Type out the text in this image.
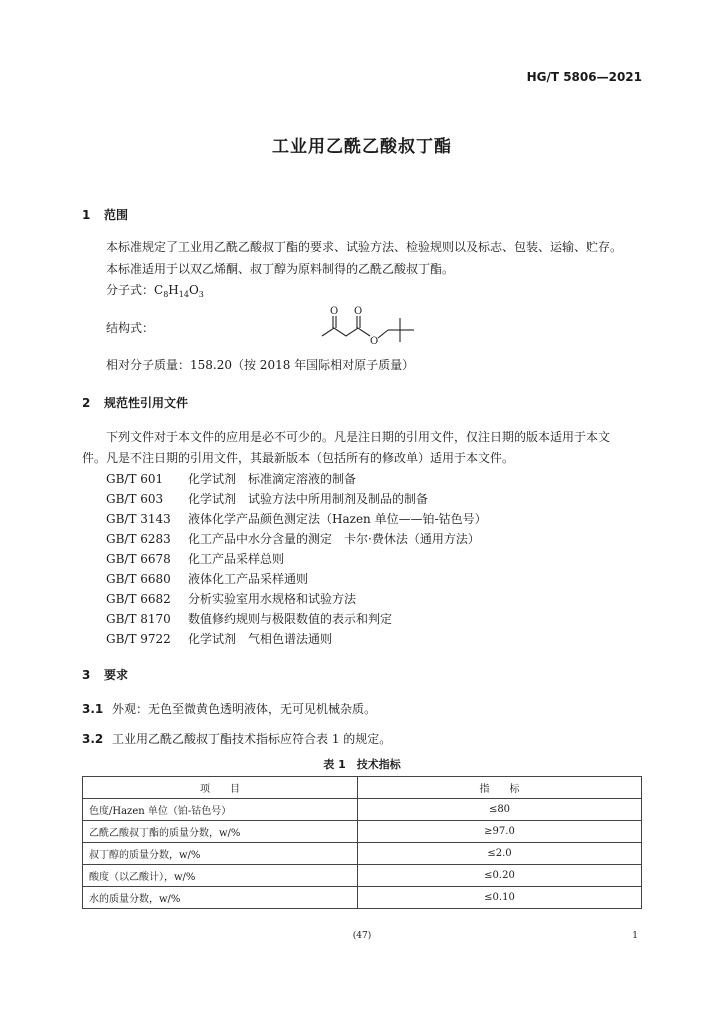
HG/T 5806—2021
工业用乙酰乙酸叔丁酯
1 范围
本标准规定了工业用乙酰乙酸叔丁酯的要求、试验方法、检验规则以及标志、包装、运输、贮存。
本标准适用于以双乙烯酮、叔丁醇为原料制得的乙酰乙酸叔丁酯。
分子式：$C_8H_{14}O_3$
结构式：
O O
O
相对分子质量：158.20（按 2018 年国际相对原子质量）
2 规范性引用文件
下列文件对于本文件的应用是必不可少的。凡是注日期的引用文件，仅注日期的版本适用于本文
件。凡是不注日期的引用文件，其最新版本（包括所有的修改单）适用于本文件。
GB/T 601 化学试剂　标准滴定溶液的制备
GB/T 603 化学试剂　试验方法中所用制剂及制品的制备
GB/T 3143 液体化学产品颜色测定法（Hazen 单位——铂-钴色号）
GB/T 6283 化工产品中水分含量的测定　卡尔·费休法（通用方法）
GB/T 6678 化工产品采样总则
GB/T 6680 液体化工产品采样通则
GB/T 6682 分析实验室用水规格和试验方法
GB/T 8170 数值修约规则与极限数值的表示和判定
GB/T 9722 化学试剂　气相色谱法通则
3 要求
3.1 外观：无色至微黄色透明液体，无可见机械杂质。
3.2 工业用乙酰乙酸叔丁酯技术指标应符合表 1 的规定。
表 1　技术指标
项　　目	指　　标
色度/Hazen 单位（铂-钴色号）	≤80
乙酰乙酸叔丁酯的质量分数，w/%	≥97.0
叔丁醇的质量分数，w/%	≤2.0
酸度（以乙酸计），w/%	≤0.20
水的质量分数，w/%	≤0.10
(47)	1
